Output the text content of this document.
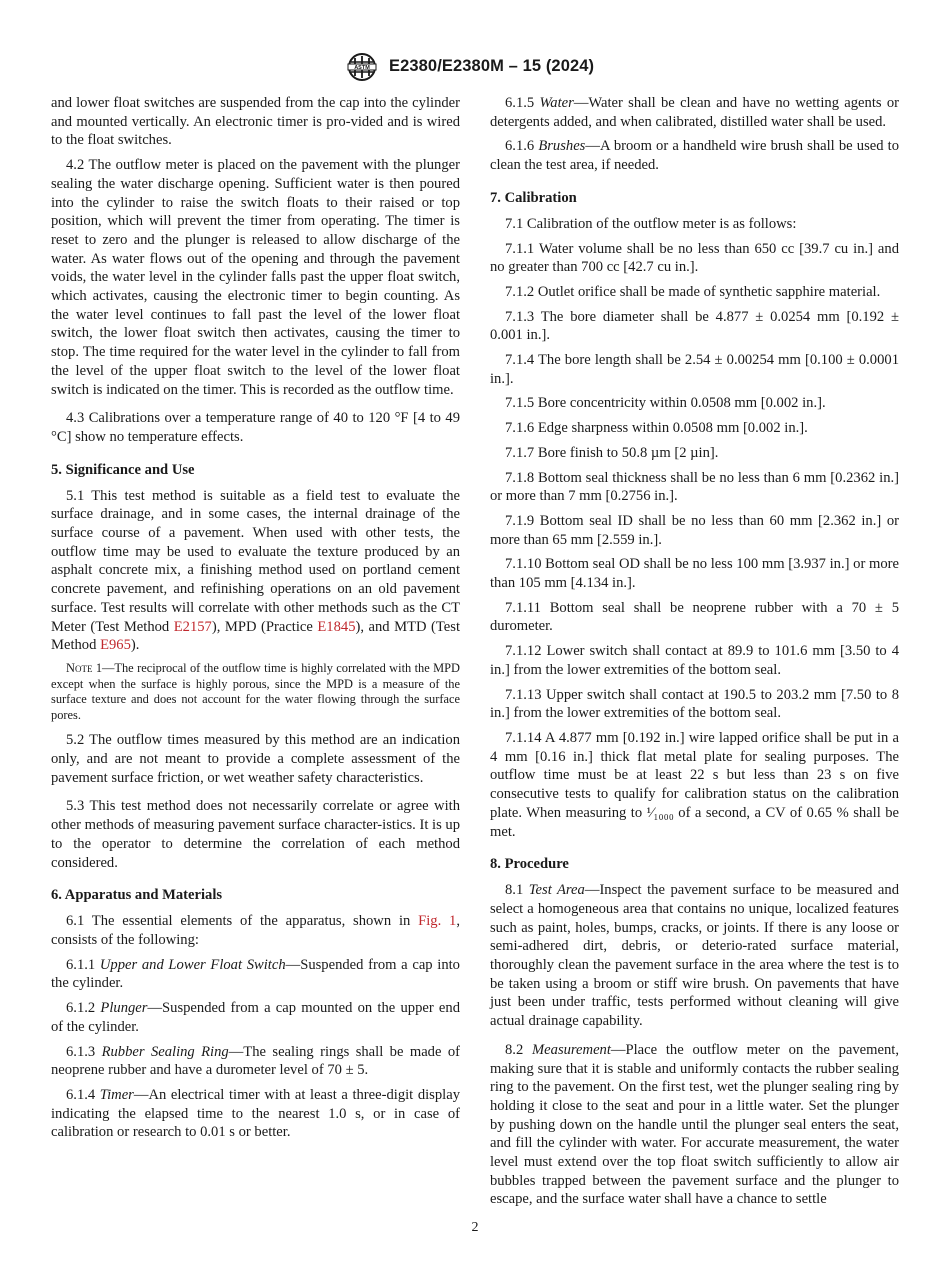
ASTM E2380/E2380M – 15 (2024)

and lower float switches are suspended from the cap into the cylinder and mounted vertically. An electronic timer is pro-vided and is wired to the float switches.

4.2 The outflow meter is placed on the pavement with the plunger sealing the water discharge opening. Sufficient water is then poured into the cylinder to raise the switch floats to their raised or top position, which will prevent the timer from operating. The timer is reset to zero and the plunger is released to allow discharge of the water. As water flows out of the opening and through the pavement voids, the water level in the cylinder falls past the upper float switch, which activates, causing the electronic timer to begin counting. As the water level continues to fall past the level of the lower float switch, the lower float switch then activates, causing the timer to stop. The time required for the water level in the cylinder to fall from the level of the upper float switch to the level of the lower float switch is indicated on the timer. This is recorded as the outflow time.

4.3 Calibrations over a temperature range of 40 to 120 °F [4 to 49 °C] show no temperature effects.

5. Significance and Use

5.1 This test method is suitable as a field test to evaluate the surface drainage, and in some cases, the internal drainage of the surface course of a pavement. When used with other tests, the outflow time may be used to evaluate the texture produced by an asphalt concrete mix, a finishing method used on portland cement concrete pavement, and refinishing operations on an old pavement surface. Test results will correlate with other methods such as the CT Meter (Test Method E2157), MPD (Practice E1845), and MTD (Test Method E965).

Note 1—The reciprocal of the outflow time is highly correlated with the MPD except when the surface is highly porous, since the MPD is a measure of the surface texture and does not account for the water flowing through the surface pores.

5.2 The outflow times measured by this method are an indication only, and are not meant to provide a complete assessment of the pavement surface friction, or wet weather safety characteristics.

5.3 This test method does not necessarily correlate or agree with other methods of measuring pavement surface character-istics. It is up to the operator to determine the correlation of each method considered.

6. Apparatus and Materials

6.1 The essential elements of the apparatus, shown in Fig. 1, consists of the following:

6.1.1 Upper and Lower Float Switch—Suspended from a cap into the cylinder.

6.1.2 Plunger—Suspended from a cap mounted on the upper end of the cylinder.

6.1.3 Rubber Sealing Ring—The sealing rings shall be made of neoprene rubber and have a durometer level of 70 ± 5.

6.1.4 Timer—An electrical timer with at least a three-digit display indicating the elapsed time to the nearest 1.0 s, or in case of calibration or research to 0.01 s or better.

6.1.5 Water—Water shall be clean and have no wetting agents or detergents added, and when calibrated, distilled water shall be used.

6.1.6 Brushes—A broom or a handheld wire brush shall be used to clean the test area, if needed.

7. Calibration

7.1 Calibration of the outflow meter is as follows:

7.1.1 Water volume shall be no less than 650 cc [39.7 cu in.] and no greater than 700 cc [42.7 cu in.].

7.1.2 Outlet orifice shall be made of synthetic sapphire material.

7.1.3 The bore diameter shall be 4.877 ± 0.0254 mm [0.192 ± 0.001 in.].

7.1.4 The bore length shall be 2.54 ± 0.00254 mm [0.100 ± 0.0001 in.].

7.1.5 Bore concentricity within 0.0508 mm [0.002 in.].

7.1.6 Edge sharpness within 0.0508 mm [0.002 in.].

7.1.7 Bore finish to 50.8 µm [2 µin].

7.1.8 Bottom seal thickness shall be no less than 6 mm [0.2362 in.] or more than 7 mm [0.2756 in.].

7.1.9 Bottom seal ID shall be no less than 60 mm [2.362 in.] or more than 65 mm [2.559 in.].

7.1.10 Bottom seal OD shall be no less 100 mm [3.937 in.] or more than 105 mm [4.134 in.].

7.1.11 Bottom seal shall be neoprene rubber with a 70 ± 5 durometer.

7.1.12 Lower switch shall contact at 89.9 to 101.6 mm [3.50 to 4 in.] from the lower extremities of the bottom seal.

7.1.13 Upper switch shall contact at 190.5 to 203.2 mm [7.50 to 8 in.] from the lower extremities of the bottom seal.

7.1.14 A 4.877 mm [0.192 in.] wire lapped orifice shall be put in a 4 mm [0.16 in.] thick flat metal plate for sealing purposes. The outflow time must be at least 22 s but less than 23 s on five consecutive tests to qualify for calibration status on the calibration plate. When measuring to ¹⁄₁₀₀₀ of a second, a CV of 0.65 % shall be met.

8. Procedure

8.1 Test Area—Inspect the pavement surface to be measured and select a homogeneous area that contains no unique, localized features such as paint, holes, bumps, cracks, or joints. If there is any loose or semi-adhered dirt, debris, or deterio-rated surface material, thoroughly clean the pavement surface in the area where the test is to be taken using a broom or stiff wire brush. On pavements that have just been under traffic, tests performed without cleaning will give actual drainage capability.

8.2 Measurement—Place the outflow meter on the pavement, making sure that it is stable and uniformly contacts the rubber sealing ring to the pavement. On the first test, wet the plunger sealing ring by holding it close to the seat and pour in a little water. Set the plunger by pushing down on the handle until the plunger seal enters the seat, and fill the cylinder with water. For accurate measurement, the water level must extend over the top float switch sufficiently to allow air bubbles trapped between the pavement surface and the plunger to escape, and the surface water shall have a chance to settle

2
